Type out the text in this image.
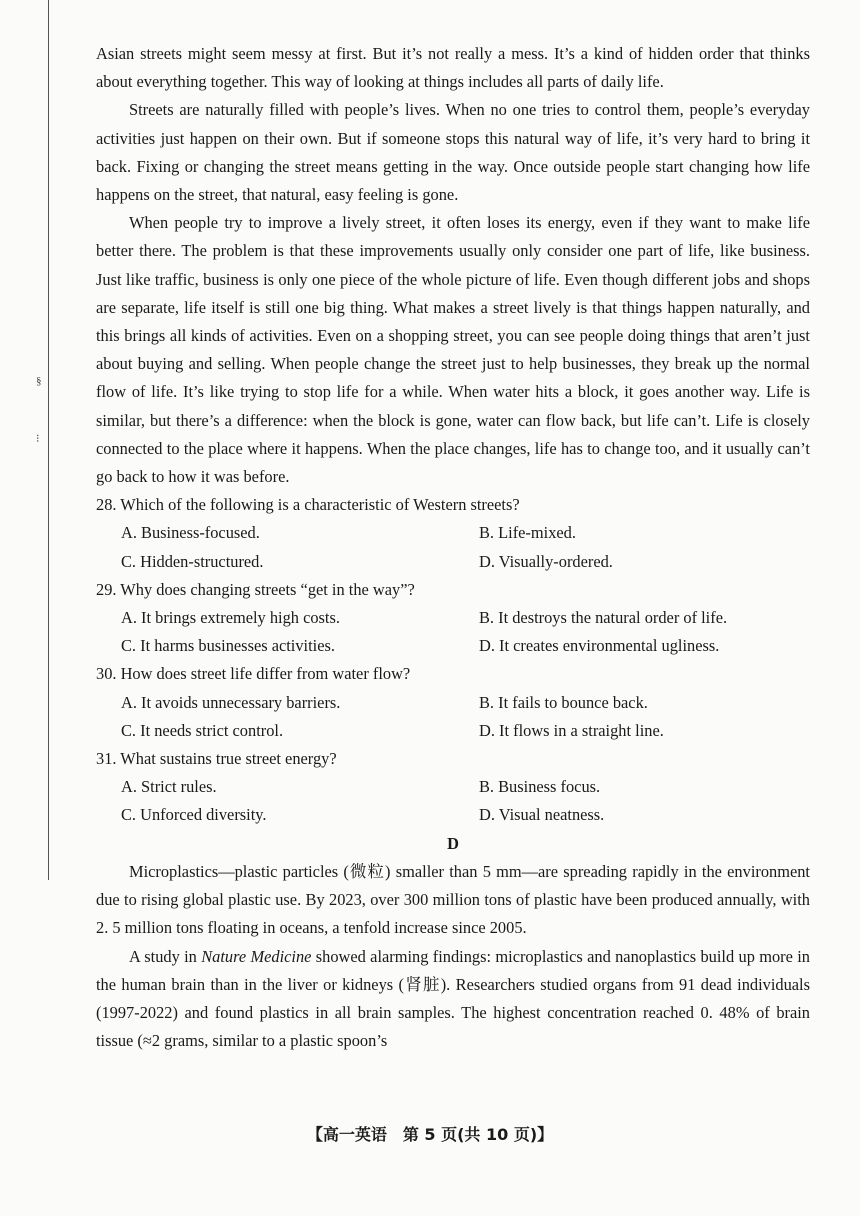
§
⁝

Asian streets might seem messy at first. But it’s not really a mess. It’s a kind of hidden order that thinks about everything together. This way of looking at things includes all parts of daily life.

Streets are naturally filled with people’s lives. When no one tries to control them, people’s everyday activities just happen on their own. But if someone stops this natural way of life, it’s very hard to bring it back. Fixing or changing the street means getting in the way. Once outside people start changing how life happens on the street, that natural, easy feeling is gone.

When people try to improve a lively street, it often loses its energy, even if they want to make life better there. The problem is that these improvements usually only consider one part of life, like business. Just like traffic, business is only one piece of the whole picture of life. Even though different jobs and shops are separate, life itself is still one big thing. What makes a street lively is that things happen naturally, and this brings all kinds of activities. Even on a shopping street, you can see people doing things that aren’t just about buying and selling. When people change the street just to help businesses, they break up the normal flow of life. It’s like trying to stop life for a while. When water hits a block, it goes another way. Life is similar, but there’s a difference: when the block is gone, water can flow back, but life can’t. Life is closely connected to the place where it happens. When the place changes, life has to change too, and it usually can’t go back to how it was before.

28. Which of the following is a characteristic of Western streets?

A. Business-focused.	B. Life-mixed.
C. Hidden-structured.	D. Visually-ordered.

29. Why does changing streets “get in the way”?

A. It brings extremely high costs.	B. It destroys the natural order of life.
C. It harms businesses activities.	D. It creates environmental ugliness.

30. How does street life differ from water flow?

A. It avoids unnecessary barriers.	B. It fails to bounce back.
C. It needs strict control.	D. It flows in a straight line.

31. What sustains true street energy?

A. Strict rules.	B. Business focus.
C. Unforced diversity.	D. Visual neatness.

D

Microplastics—plastic particles (微粒) smaller than 5 mm—are spreading rapidly in the environment due to rising global plastic use. By 2023, over 300 million tons of plastic have been produced annually, with 2. 5 million tons floating in oceans, a tenfold increase since 2005.

A study in Nature Medicine showed alarming findings: microplastics and nanoplastics build up more in the human brain than in the liver or kidneys (肾脏). Researchers studied organs from 91 dead individuals (1997-2022) and found plastics in all brain samples. The highest concentration reached 0. 48% of brain tissue (≈2 grams, similar to a plastic spoon’s

【高一英语　第 5 页(共 10 页)】
